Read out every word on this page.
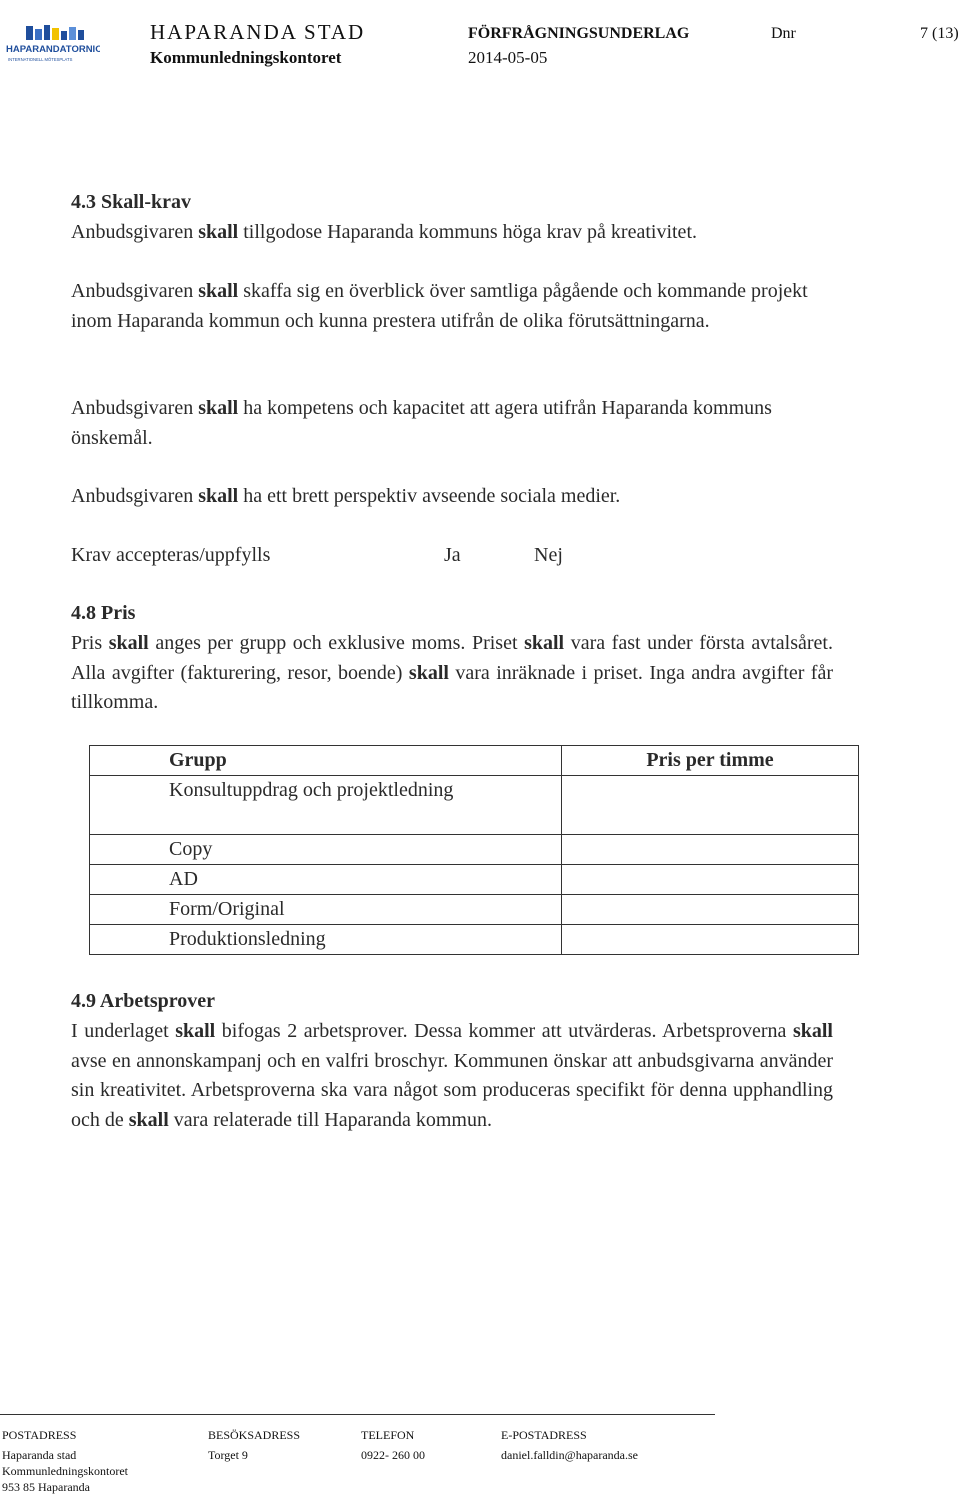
HAPARANDATORNIO
INTERNATIONELL MÖTESPLATS
HAPARANDA STAD
Kommunledningskontoret
FÖRFRÅGNINGSUNDERLAG
2014-05-05
Dnr	7 (13)
4.3 Skall-krav
Anbudsgivaren skall tillgodose Haparanda kommuns höga krav på kreativitet.
Anbudsgivaren skall skaffa sig en överblick över samtliga pågående och kommande projekt inom Haparanda kommun och kunna prestera utifrån de olika förutsättningarna.
Anbudsgivaren skall ha kompetens och kapacitet att agera utifrån Haparanda kommuns önskemål.
Anbudsgivaren skall ha ett brett perspektiv avseende sociala medier.
Krav accepteras/uppfylls	Ja	Nej
4.8 Pris
Pris skall anges per grupp och exklusive moms. Priset skall vara fast under första avtalsåret. Alla avgifter (fakturering, resor, boende) skall vara inräknade i priset. Inga andra avgifter får tillkomma.
Grupp	Pris per timme
Konsultuppdrag och projektledning	
Copy	
AD	
Form/Original	
Produktionsledning	
4.9 Arbetsprover
I underlaget skall bifogas 2 arbetsprover. Dessa kommer att utvärderas. Arbetsproverna skall avse en annonskampanj och en valfri broschyr. Kommunen önskar att anbudsgivarna använder sin kreativitet. Arbetsproverna ska vara något som produceras specifikt för denna upphandling och de skall vara relaterade till Haparanda kommun.
POSTADRESS
Haparanda stad
Kommunledningskontoret
953 85 Haparanda
BESÖKSADRESS
Torget 9
TELEFON
0922- 260 00
E-POSTADRESS
daniel.falldin@haparanda.se
